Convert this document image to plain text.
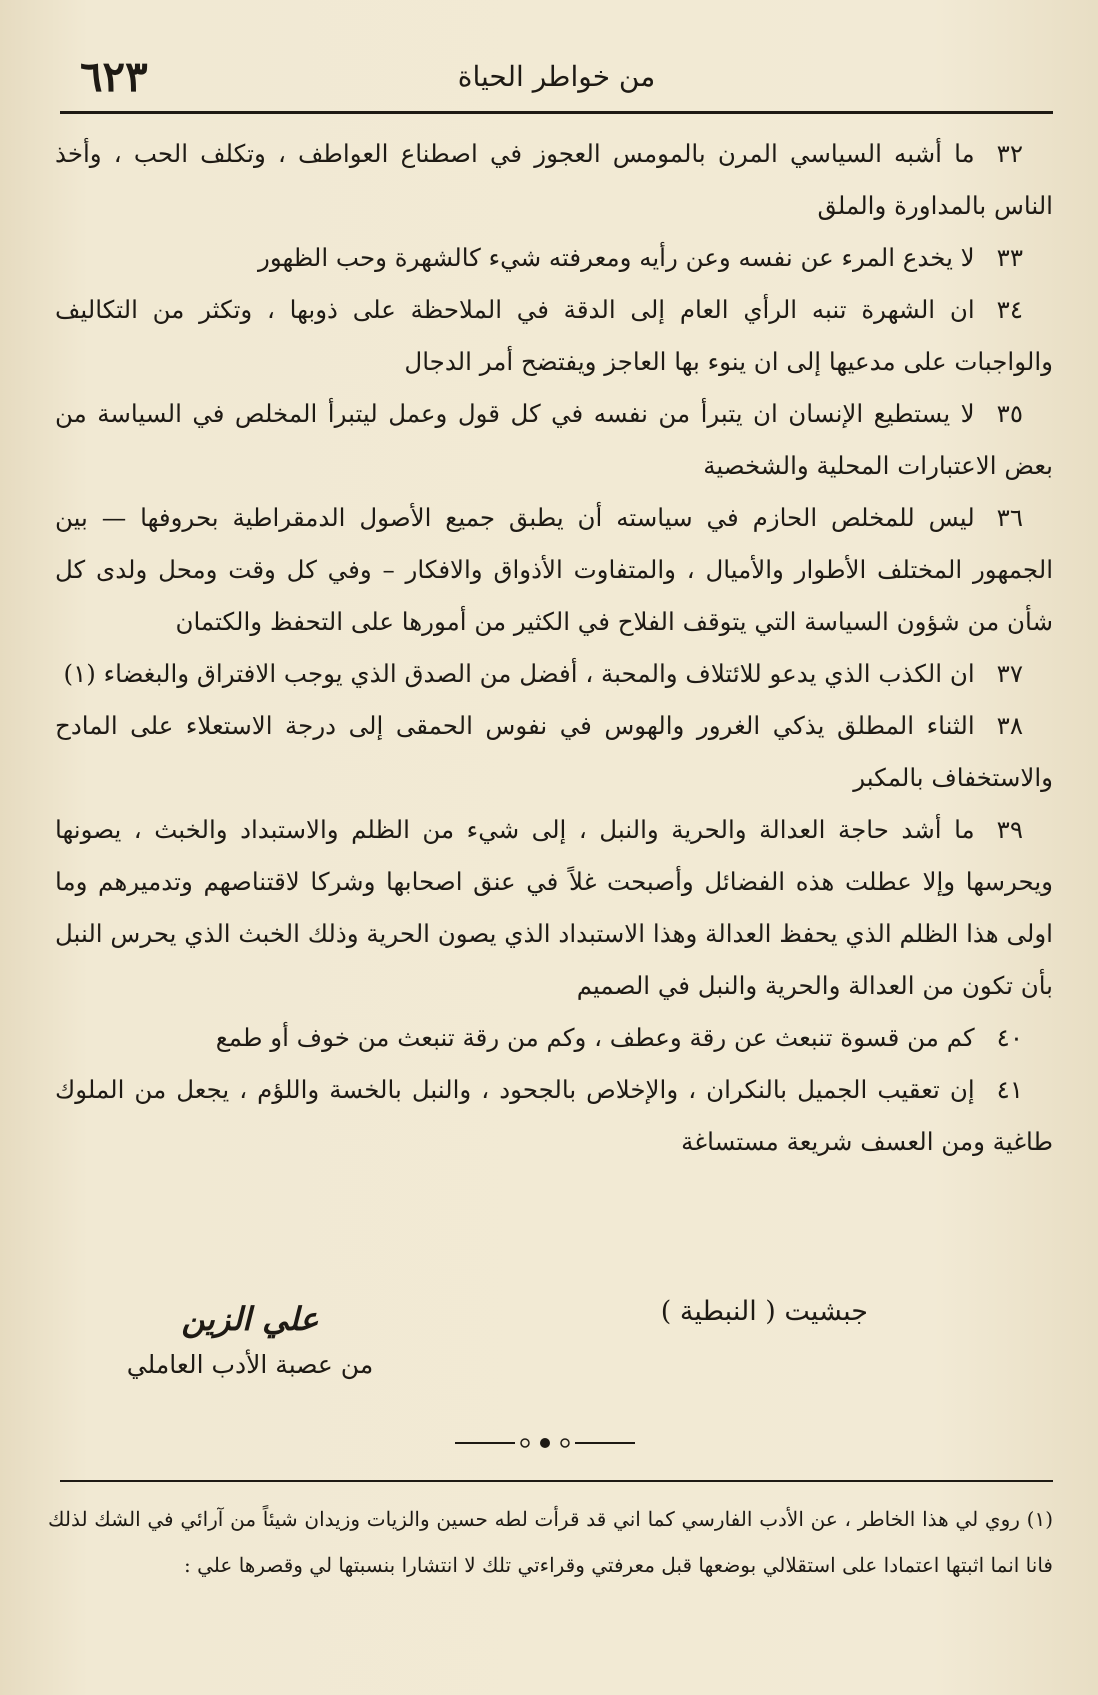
٦٢٣	من خواطر الحياة

٣٢ما أشبه السياسي المرن بالمومس العجوز في اصطناع العواطف ، وتكلف الحب ، وأخذ الناس بالمداورة والملق

٣٣لا يخدع المرء عن نفسه وعن رأيه ومعرفته شيء كالشهرة وحب الظهور

٣٤ان الشهرة تنبه الرأي العام إلى الدقة في الملاحظة على ذوبها ، وتكثر من التكاليف والواجبات على مدعيها إلى ان ينوء بها العاجز ويفتضح أمر الدجال

٣٥لا يستطيع الإنسان ان يتبرأ من نفسه في كل قول وعمل ليتبرأ المخلص في السياسة من بعض الاعتبارات المحلية والشخصية

٣٦ليس للمخلص الحازم في سياسته أن يطبق جميع الأصول الدمقراطية بحروفها — بين الجمهور المختلف الأطوار والأميال ، والمتفاوت الأذواق والافكار – وفي كل وقت ومحل ولدى كل شأن من شؤون السياسة التي يتوقف الفلاح في الكثير من أمورها على التحفظ والكتمان

٣٧ان الكذب الذي يدعو للائتلاف والمحبة ، أفضل من الصدق الذي يوجب الافتراق والبغضاء (١)

٣٨الثناء المطلق يذكي الغرور والهوس في نفوس الحمقى إلى درجة الاستعلاء على المادح والاستخفاف بالمكبر

٣٩ما أشد حاجة العدالة والحرية والنبل ، إلى شيء من الظلم والاستبداد والخبث ، يصونها ويحرسها وإلا عطلت هذه الفضائل وأصبحت غلاً في عنق اصحابها وشركا لاقتناصهم وتدميرهم وما اولى هذا الظلم الذي يحفظ العدالة وهذا الاستبداد الذي يصون الحرية وذلك الخبث الذي يحرس النبل بأن تكون من العدالة والحرية والنبل في الصميم

٤٠كم من قسوة تنبعث عن رقة وعطف ، وكم من رقة تنبعث من خوف أو طمع

٤١إن تعقيب الجميل بالنكران ، والإخلاص بالجحود ، والنبل بالخسة واللؤم ، يجعل من الملوك طاغية ومن العسف شريعة مستساغة

جبشيت ( النبطية )
علي الزين
من عصبة الأدب العاملي
(١) روي لي هذا الخاطر ، عن الأدب الفارسي كما اني قد قرأت لطه حسين والزيات وزيدان شيئاً من آرائي في الشك لذلك فانا انما اثبتها اعتمادا على استقلالي بوضعها قبل معرفتي وقراءتي تلك لا انتشارا بنسبتها لي وقصرها علي :
